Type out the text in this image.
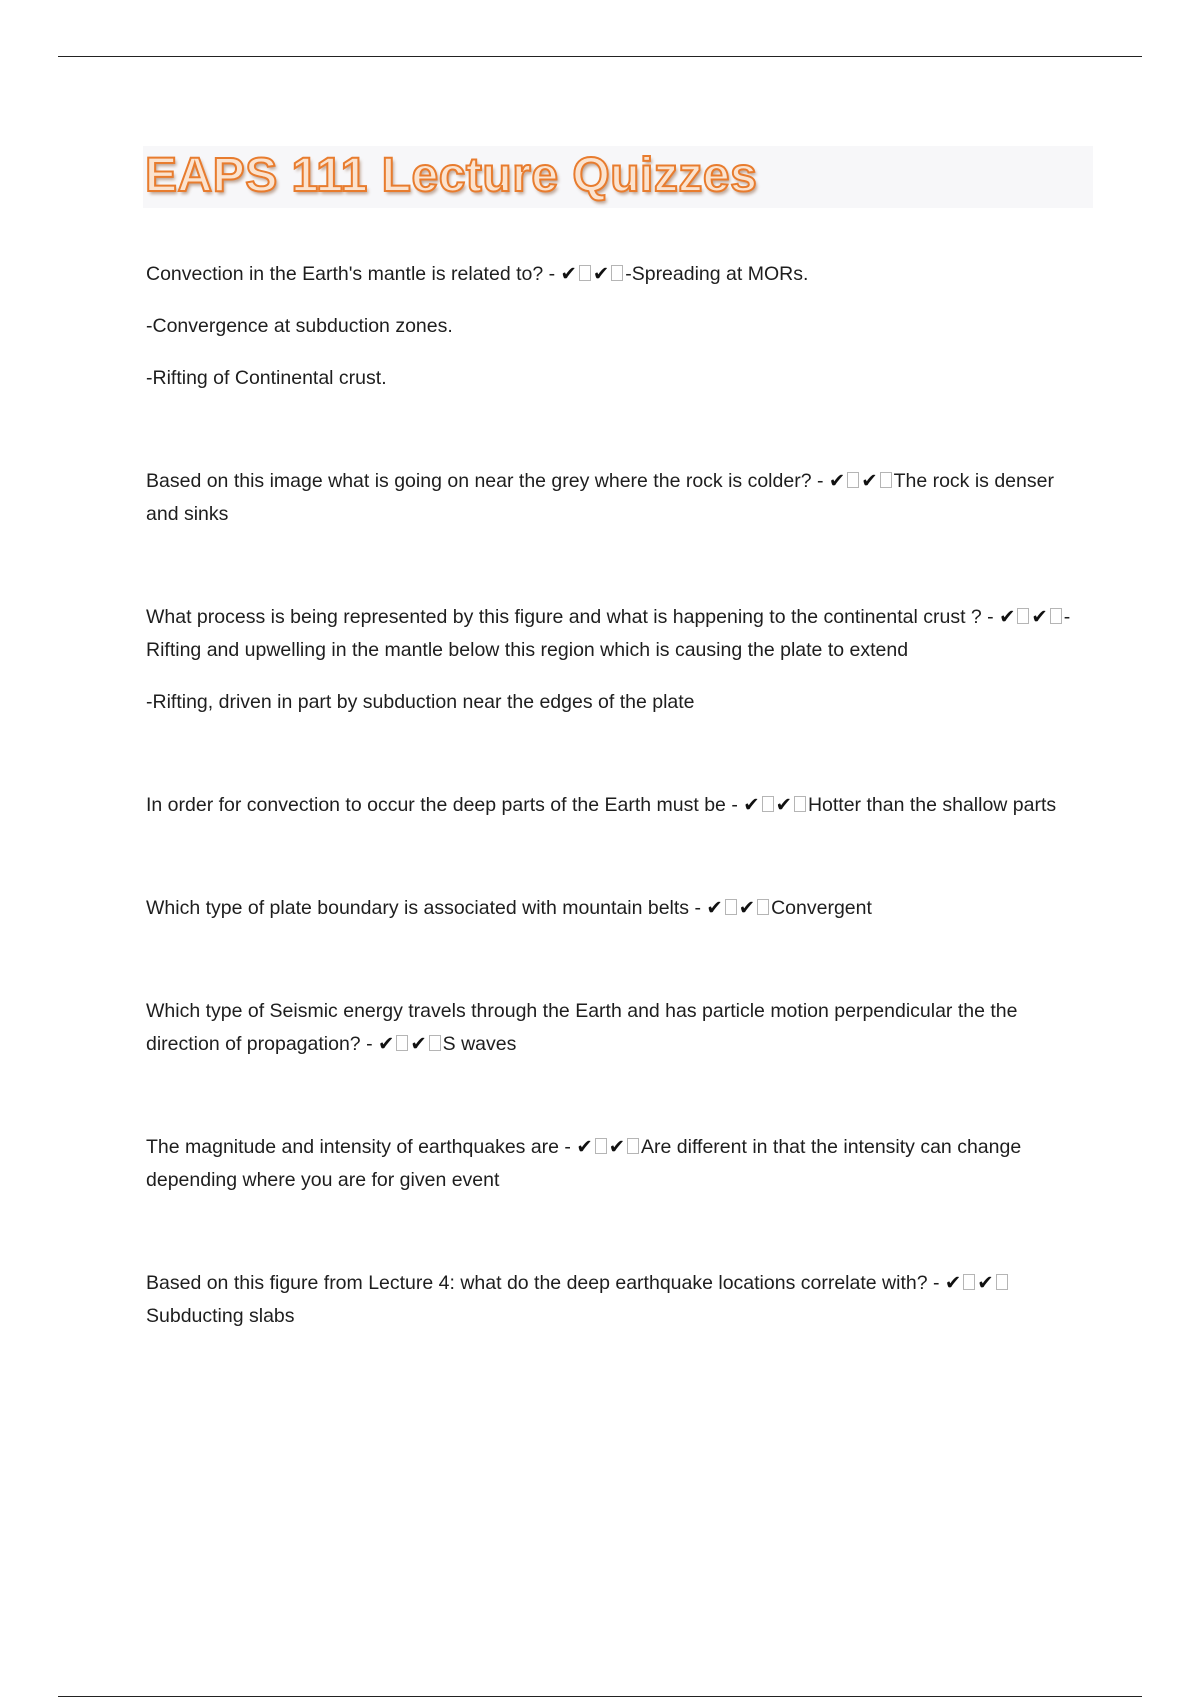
EAPS 111 Lecture Quizzes

Convection in the Earth's mantle is related to? - ✔ ✔ -Spreading at MORs.

-Convergence at subduction zones.

-Rifting of Continental crust.

Based on this image what is going on near the grey where the rock is colder? - ✔ ✔ The rock is denser and sinks

What process is being represented by this figure and what is happening to the continental crust ? - ✔ ✔ -Rifting and upwelling in the mantle below this region which is causing the plate to extend

-Rifting, driven in part by subduction near the edges of the plate

In order for convection to occur the deep parts of the Earth must be - ✔ ✔ Hotter than the shallow parts

Which type of plate boundary is associated with mountain belts - ✔ ✔ Convergent

Which type of Seismic energy travels through the Earth and has particle motion perpendicular the the direction of propagation? - ✔ ✔ S waves

The magnitude and intensity of earthquakes are - ✔ ✔ Are different in that the intensity can change depending where you are for given event

Based on this figure from Lecture 4: what do the deep earthquake locations correlate with? - ✔ ✔Subducting slabs
